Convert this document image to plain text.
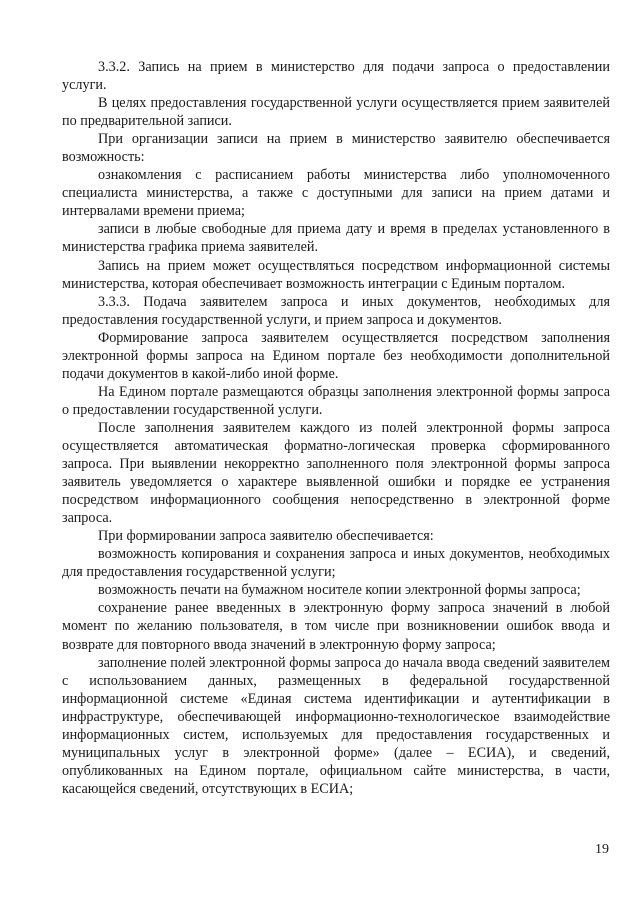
3.3.2. Запись на прием в министерство для подачи запроса о предоставлении услуги.

В целях предоставления государственной услуги осуществляется прием заявителей по предварительной записи.

При организации записи на прием в министерство заявителю обеспечивается возможность:

ознакомления с расписанием работы министерства либо уполномоченного специалиста министерства, а также с доступными для записи на прием датами и интервалами времени приема;

записи в любые свободные для приема дату и время в пределах установленного в министерства графика приема заявителей.

Запись на прием может осуществляться посредством информационной системы министерства, которая обеспечивает возможность интеграции с Единым порталом.

3.3.3. Подача заявителем запроса и иных документов, необходимых для предоставления государственной услуги, и прием запроса и документов.

Формирование запроса заявителем осуществляется посредством заполнения электронной формы запроса на Едином портале без необходимости дополнительной подачи документов в какой-либо иной форме.

На Едином портале размещаются образцы заполнения электронной формы запроса о предоставлении государственной услуги.

После заполнения заявителем каждого из полей электронной формы запроса осуществляется автоматическая форматно-логическая проверка сформированного запроса. При выявлении некорректно заполненного поля электронной формы запроса заявитель уведомляется о характере выявленной ошибки и порядке ее устранения посредством информационного сообщения непосредственно в электронной форме запроса.

При формировании запроса заявителю обеспечивается:

возможность копирования и сохранения запроса и иных документов, необходимых для предоставления государственной услуги;

возможность печати на бумажном носителе копии электронной формы запроса;

сохранение ранее введенных в электронную форму запроса значений в любой момент по желанию пользователя, в том числе при возникновении ошибок ввода и возврате для повторного ввода значений в электронную форму запроса;

заполнение полей электронной формы запроса до начала ввода сведений заявителем с использованием данных, размещенных в федеральной государственной информационной системе «Единая система идентификации и аутентификации в инфраструктуре, обеспечивающей информационно-технологическое взаимодействие информационных систем, используемых для предоставления государственных и муниципальных услуг в электронной форме» (далее – ЕСИА), и сведений, опубликованных на Едином портале, официальном сайте министерства, в части, касающейся сведений, отсутствующих в ЕСИА;

19
